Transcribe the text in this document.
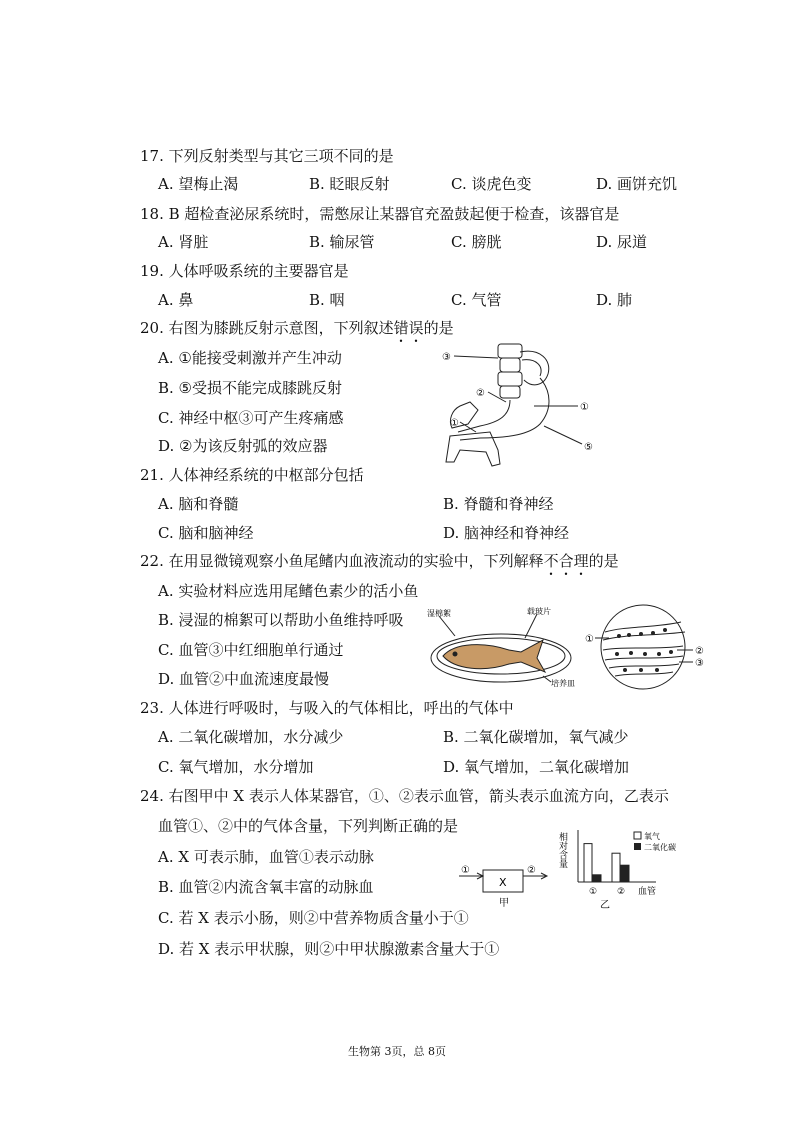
17. 下列反射类型与其它三项不同的是
A. 望梅止渴	B. 眨眼反射	C. 谈虎色变	D. 画饼充饥
18. B 超检查泌尿系统时，需憋尿让某器官充盈鼓起便于检查，该器官是
A. 肾脏	B. 输尿管	C. 膀胱	D. 尿道
19. 人体呼吸系统的主要器官是
A. 鼻	B. 咽	C. 气管	D. 肺
20. 右图为膝跳反射示意图，下列叙述错误的是
A. ①能接受刺激并产生冲动
B. ⑤受损不能完成膝跳反射
C. 神经中枢③可产生疼痛感
D. ②为该反射弧的效应器
③
②
①
①
⑤
21. 人体神经系统的中枢部分包括
A. 脑和脊髓	B. 脊髓和脊神经
C. 脑和脑神经	D. 脑神经和脊神经
22. 在用显微镜观察小鱼尾鳍内血液流动的实验中，下列解释不合理的是
A. 实验材料应选用尾鳍色素少的活小鱼
B. 浸湿的棉絮可以帮助小鱼维持呼吸
C. 血管③中红细胞单行通过
D. 血管②中血流速度最慢
湿棉絮	载玻片
培养皿
①
②
③
23. 人体进行呼吸时，与吸入的气体相比，呼出的气体中
A. 二氧化碳增加，水分减少	B. 二氧化碳增加，氧气减少
C. 氧气增加，水分增加	D. 氧气增加，二氧化碳增加
24. 右图甲中 X 表示人体某器官，①、②表示血管，箭头表示血流方向，乙表示
血管①、②中的气体含量，下列判断正确的是
A. X 可表示肺，血管①表示动脉
B. 血管②内流含氧丰富的动脉血
C. 若 X 表示小肠，则②中营养物质含量小于①
D. 若 X 表示甲状腺，则②中甲状腺激素含量大于①
X
①	②
甲
相对含量	氧气
二氧化碳
① ② 血管
乙
生物第 3页，总 8页
